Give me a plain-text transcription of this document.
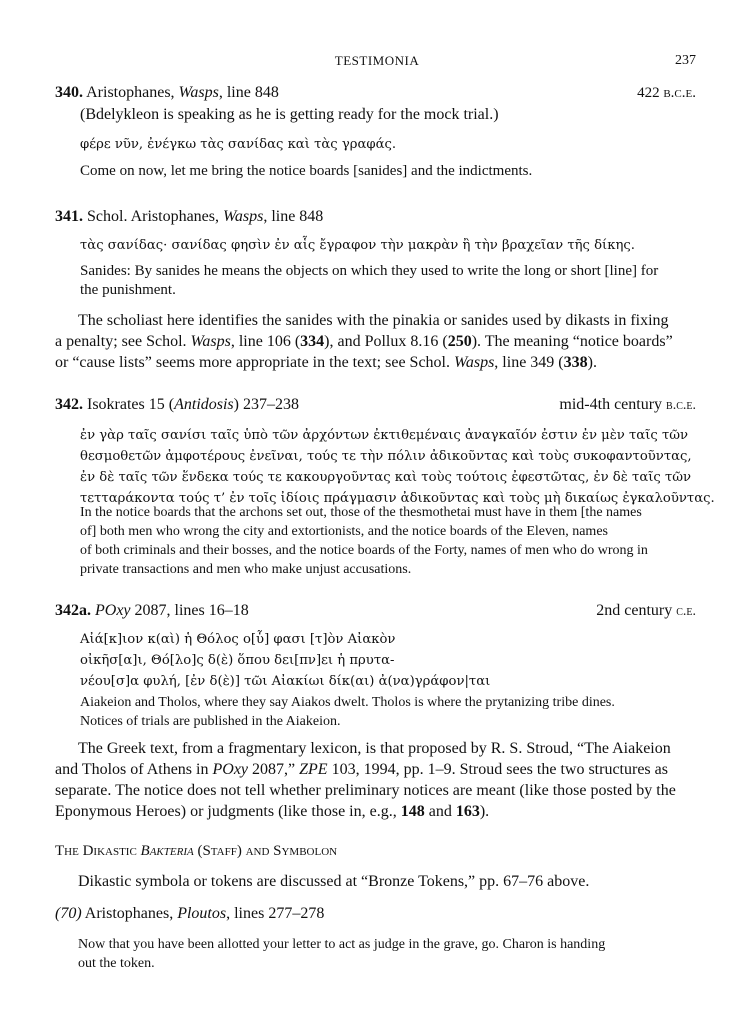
TESTIMONIA	237
340. Aristophanes, Wasps, line 848	422 b.c.e.
(Bdelykleon is speaking as he is getting ready for the mock trial.)
φέρε νῦν, ἐνέγκω τὰς σανίδας καὶ τὰς γραφάς.
Come on now, let me bring the notice boards [sanides] and the indictments.
341. Schol. Aristophanes, Wasps, line 848
τὰς σανίδας· σανίδας φησὶν ἐν αἷς ἔγραφον τὴν μακρὰν ἢ τὴν βραχεῖαν τῆς δίκης.
Sanides: By sanides he means the objects on which they used to write the long or short [line] for
the punishment.
The scholiast here identifies the sanides with the pinakia or sanides used by dikasts in fixing
a penalty; see Schol. Wasps, line 106 (334), and Pollux 8.16 (250). The meaning “notice boards”
or “cause lists” seems more appropriate in the text; see Schol. Wasps, line 349 (338).
342. Isokrates 15 (Antidosis) 237–238	mid-4th century b.c.e.
ἐν γὰρ ταῖς σανίσι ταῖς ὑπὸ τῶν ἀρχόντων ἐκτιθεμέναις ἀναγκαῖόν ἐστιν ἐν μὲν ταῖς τῶν
θεσμοθετῶν ἀμφοτέρους ἐνεῖναι, τούς τε τὴν πόλιν ἀδικοῦντας καὶ τοὺς συκοφαντοῦντας,
ἐν δὲ ταῖς τῶν ἕνδεκα τούς τε κακουργοῦντας καὶ τοὺς τούτοις ἐφεστῶτας, ἐν δὲ ταῖς τῶν
τετταράκοντα τούς τ’ ἐν τοῖς ἰδίοις πράγμασιν ἀδικοῦντας καὶ τοὺς μὴ δικαίως ἐγκαλοῦντας.
In the notice boards that the archons set out, those of the thesmothetai must have in them [the names
of] both men who wrong the city and extortionists, and the notice boards of the Eleven, names
of both criminals and their bosses, and the notice boards of the Forty, names of men who do wrong in
private transactions and men who make unjust accusations.
342a. POxy 2087, lines 16–18	2nd century c.e.
Αἰά[κ]ιον κ(αὶ) ἡ Θόλος ο[ὗ] φασι [τ]ὸν Αἰακὸν
οἰκῆσ[α]ι, Θό[λο]ς δ(ὲ) ὅπου δει[πν]ει ἡ πρυτα-
νέου[σ]α φυλή, [ἐν δ(ὲ)] τῶι Αἰακίωι δίκ(αι) ἀ(να)γράφον|ται
Aiakeion and Tholos, where they say Aiakos dwelt. Tholos is where the prytanizing tribe dines.
Notices of trials are published in the Aiakeion.
The Greek text, from a fragmentary lexicon, is that proposed by R. S. Stroud, “The Aiakeion
and Tholos of Athens in POxy 2087,” ZPE 103, 1994, pp. 1–9. Stroud sees the two structures as
separate. The notice does not tell whether preliminary notices are meant (like those posted by the
Eponymous Heroes) or judgments (like those in, e.g., 148 and 163).
The Dikastic Bakteria (Staff) and Symbolon
Dikastic symbola or tokens are discussed at “Bronze Tokens,” pp. 67–76 above.
(70) Aristophanes, Ploutos, lines 277–278
Now that you have been allotted your letter to act as judge in the grave, go. Charon is handing
out the token.
